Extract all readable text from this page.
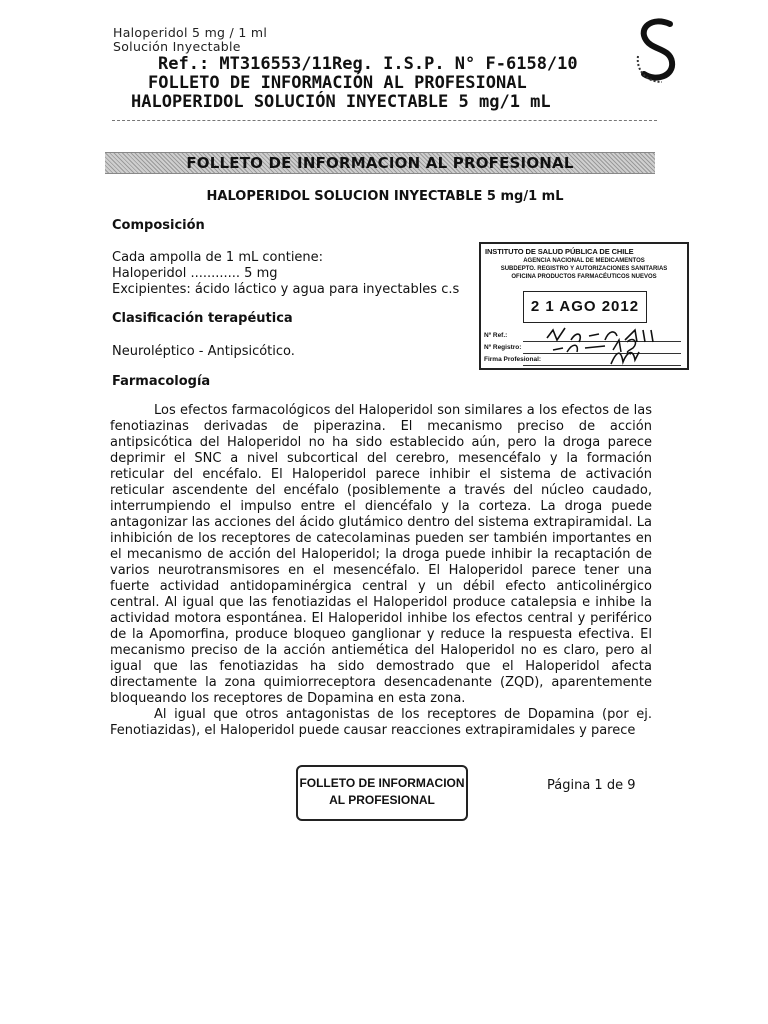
Haloperidol 5 mg / 1 ml
Solución Inyectable
Ref.: MT316553/11Reg. I.S.P. N° F-6158/10
FOLLETO DE INFORMACIÓN AL PROFESIONAL
HALOPERIDOL SOLUCIÓN INYECTABLE 5 mg/1 mL
FOLLETO DE INFORMACION AL PROFESIONAL
HALOPERIDOL SOLUCION INYECTABLE 5 mg/1 mL
Composición
Cada ampolla de 1 mL contiene:
Haloperidol ............ 5 mg
Excipientes: ácido láctico y agua para inyectables c.s
Clasificación terapéutica
Neuroléptico - Antipsicótico.
Farmacología

Los efectos farmacológicos del Haloperidol son similares a los efectos de las fenotiazinas derivadas de piperazina. El mecanismo preciso de acción antipsicótica del Haloperidol no ha sido establecido aún, pero la droga parece deprimir el SNC a nivel subcortical del cerebro, mesencéfalo y la formación reticular del encéfalo. El Haloperidol parece inhibir el sistema de activación reticular ascendente del encéfalo (posiblemente a través del núcleo caudado, interrumpiendo el impulso entre el diencéfalo y la corteza. La droga puede antagonizar las acciones del ácido glutámico dentro del sistema extrapiramidal. La inhibición de los receptores de catecolaminas pueden ser también importantes en el mecanismo de acción del Haloperidol; la droga puede inhibir la recaptación de varios neurotransmisores en el mesencéfalo. El Haloperidol parece tener una fuerte actividad antidopaminérgica central y un débil efecto anticolinérgico central. Al igual que las fenotiazidas el Haloperidol produce catalepsia e inhibe la actividad motora espontánea. El Haloperidol inhibe los efectos central y periférico de la Apomorfina, produce bloqueo ganglionar y reduce la respuesta efectiva. El mecanismo preciso de la acción antiemética del Haloperidol no es claro, pero al igual que las fenotiazidas ha sido demostrado que el Haloperidol afecta directamente la zona quimiorreceptora desencadenante (ZQD), aparentemente bloqueando los receptores de Dopamina en esta zona.

Al igual que otros antagonistas de los receptores de Dopamina (por ej. Fenotiazidas), el Haloperidol puede causar reacciones extrapiramidales y parece

INSTITUTO DE SALUD PÚBLICA DE CHILE
AGENCIA NACIONAL DE MEDICAMENTOS
SUBDEPTO. REGISTRO Y AUTORIZACIONES SANITARIAS
OFICINA PRODUCTOS FARMACÉUTICOS NUEVOS
2 1 AGO 2012
Nº Ref.:
Nº Registro:
Firma Profesional:
FOLLETO DE INFORMACION
AL PROFESIONAL
Página 1 de 9
